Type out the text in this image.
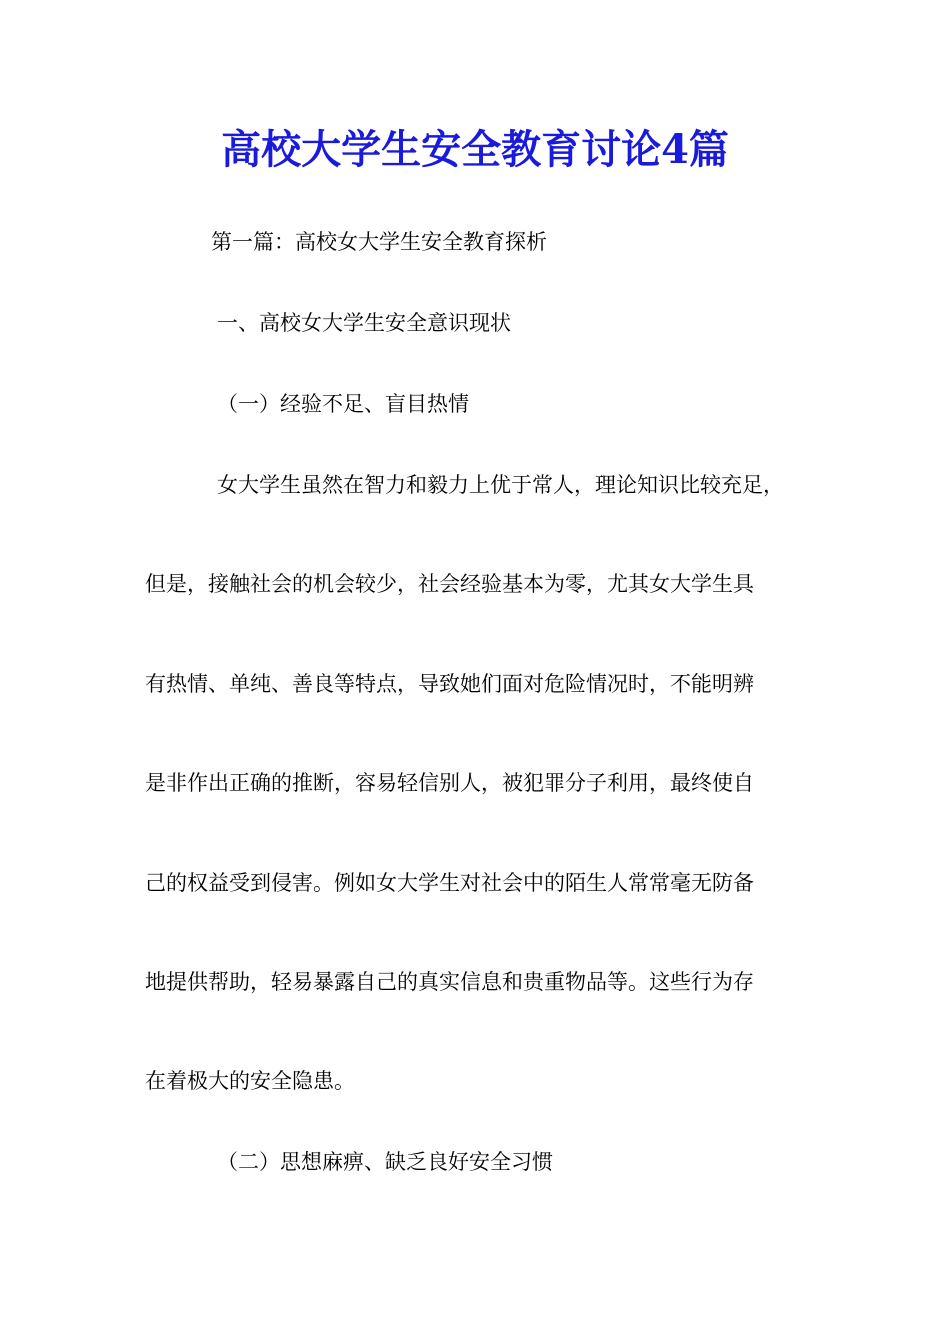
高校大学生安全教育讨论4篇
第一篇：高校女大学生安全教育探析
一、高校女大学生安全意识现状
（一）经验不足、盲目热情
女大学生虽然在智力和毅力上优于常人，理论知识比较充足，
但是，接触社会的机会较少，社会经验基本为零，尤其女大学生具
有热情、单纯、善良等特点，导致她们面对危险情况时，不能明辨
是非作出正确的推断，容易轻信别人，被犯罪分子利用，最终使自
己的权益受到侵害。例如女大学生对社会中的陌生人常常毫无防备
地提供帮助，轻易暴露自己的真实信息和贵重物品等。这些行为存
在着极大的安全隐患。
（二）思想麻痹、缺乏良好安全习惯
